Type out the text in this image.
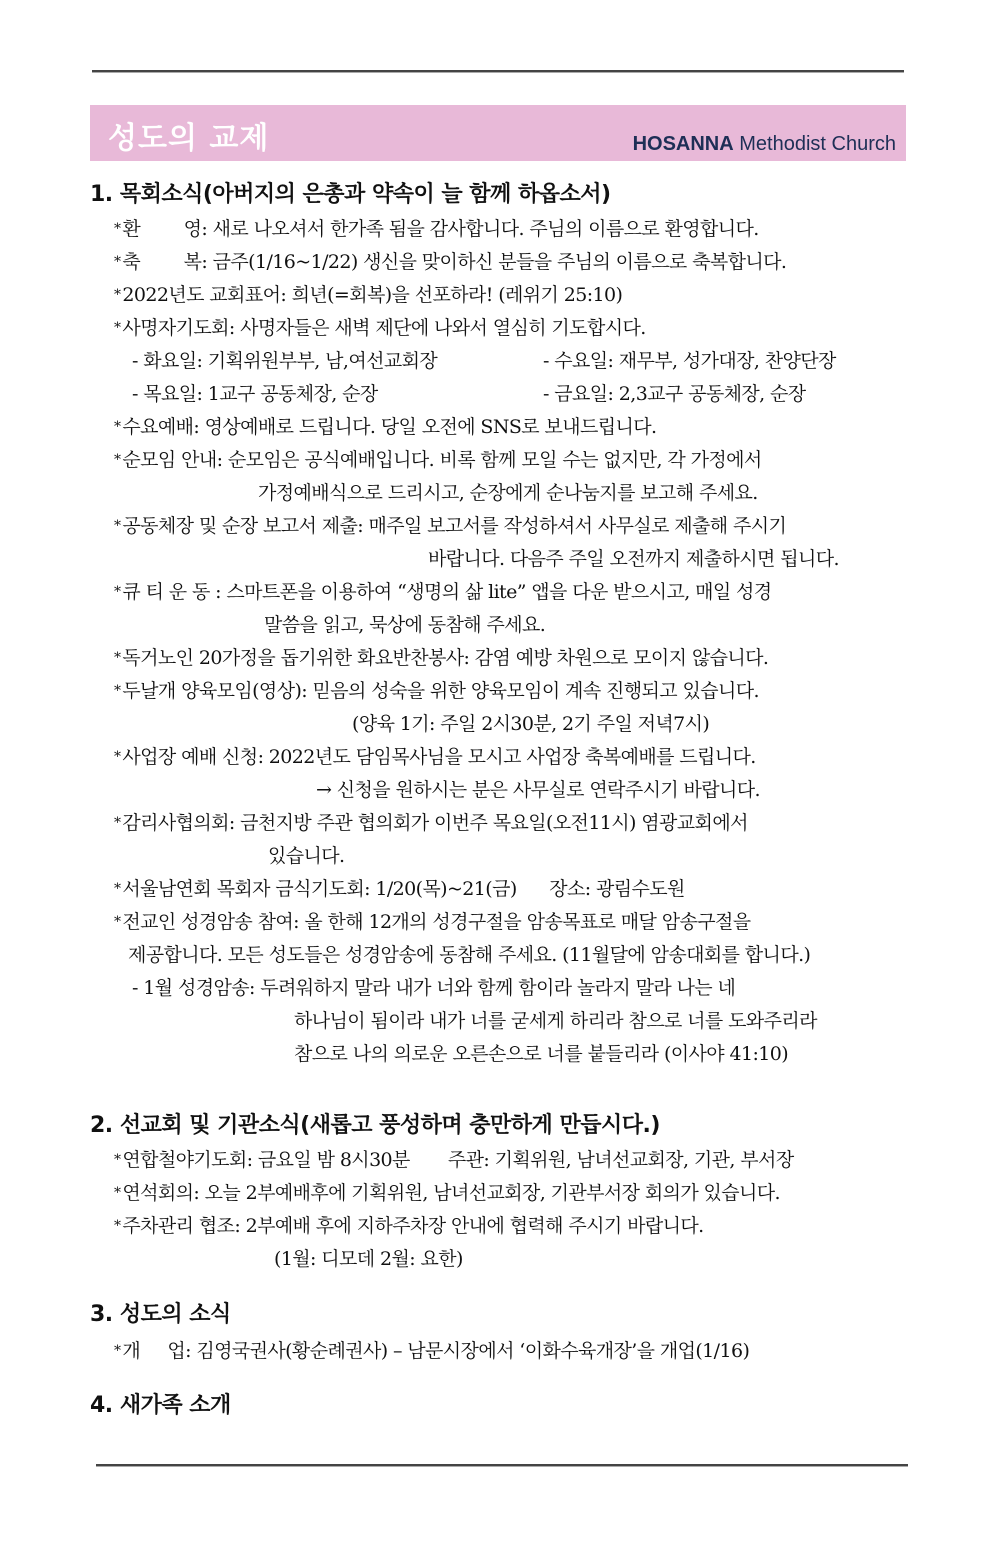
성도의 교제	HOSANNA Methodist Church
1. 목회소식(아버지의 은총과 약속이 늘 함께 하옵소서)
* 환        영: 새로 나오셔서 한가족 됨을 감사합니다. 주님의 이름으로 환영합니다.
* 축        복: 금주(1/16~1/22) 생신을 맞이하신 분들을 주님의 이름으로 축복합니다.
* 2022년도 교회표어: 희년(=회복)을 선포하라! (레위기 25:10)
* 사명자기도회: 사명자들은 새벽 제단에 나와서 열심히 기도합시다.
- 화요일: 기획위원부부, 남,여선교회장	- 수요일: 재무부, 성가대장, 찬양단장
- 목요일: 1교구 공동체장, 순장	- 금요일: 2,3교구 공동체장, 순장
* 수요예배: 영상예배로 드립니다. 당일 오전에 SNS로 보내드립니다.
* 순모임 안내: 순모임은 공식예배입니다. 비록 함께 모일 수는 없지만, 각 가정에서
가정예배식으로 드리시고, 순장에게 순나눔지를 보고해 주세요.
* 공동체장 및 순장 보고서 제출: 매주일 보고서를 작성하셔서 사무실로 제출해 주시기
바랍니다. 다음주 주일 오전까지 제출하시면 됩니다.
* 큐 티 운 동 : 스마트폰을 이용하여 “생명의 삶 lite” 앱을 다운 받으시고, 매일 성경
말씀을 읽고, 묵상에 동참해 주세요.
* 독거노인 20가정을 돕기위한 화요반찬봉사: 감염 예방 차원으로 모이지 않습니다.
* 두날개 양육모임(영상): 믿음의 성숙을 위한 양육모임이 계속 진행되고 있습니다.
(양육 1기: 주일 2시30분, 2기 주일 저녁7시)
* 사업장 예배 신청: 2022년도 담임목사님을 모시고 사업장 축복예배를 드립니다.
→ 신청을 원하시는 분은 사무실로 연락주시기 바랍니다.
* 감리사협의회: 금천지방 주관 협의회가 이번주 목요일(오전11시) 염광교회에서
있습니다.
* 서울남연회 목회자 금식기도회: 1/20(목)~21(금)      장소: 광림수도원
* 전교인 성경암송 참여: 올 한해 12개의 성경구절을 암송목표로 매달 암송구절을
제공합니다. 모든 성도들은 성경암송에 동참해 주세요. (11월달에 암송대회를 합니다.)
- 1월 성경암송: 두려워하지 말라 내가 너와 함께 함이라 놀라지 말라 나는 네
하나님이 됨이라 내가 너를 굳세게 하리라 참으로 너를 도와주리라
참으로 나의 의로운 오른손으로 너를 붙들리라 (이사야 41:10)
2. 선교회 및 기관소식(새롭고 풍성하며 충만하게 만듭시다.)
* 연합철야기도회: 금요일 밤 8시30분       주관: 기획위원, 남녀선교회장, 기관, 부서장
* 연석회의: 오늘 2부예배후에 기획위원, 남녀선교회장, 기관부서장 회의가 있습니다.
* 주차관리 협조: 2부예배 후에 지하주차장 안내에 협력해 주시기 바랍니다.
(1월: 디모데 2월: 요한)
3. 성도의 소식
* 개     업: 김영국권사(황순례권사) – 남문시장에서 ‘이화수육개장’을 개업(1/16)
4. 새가족 소개
